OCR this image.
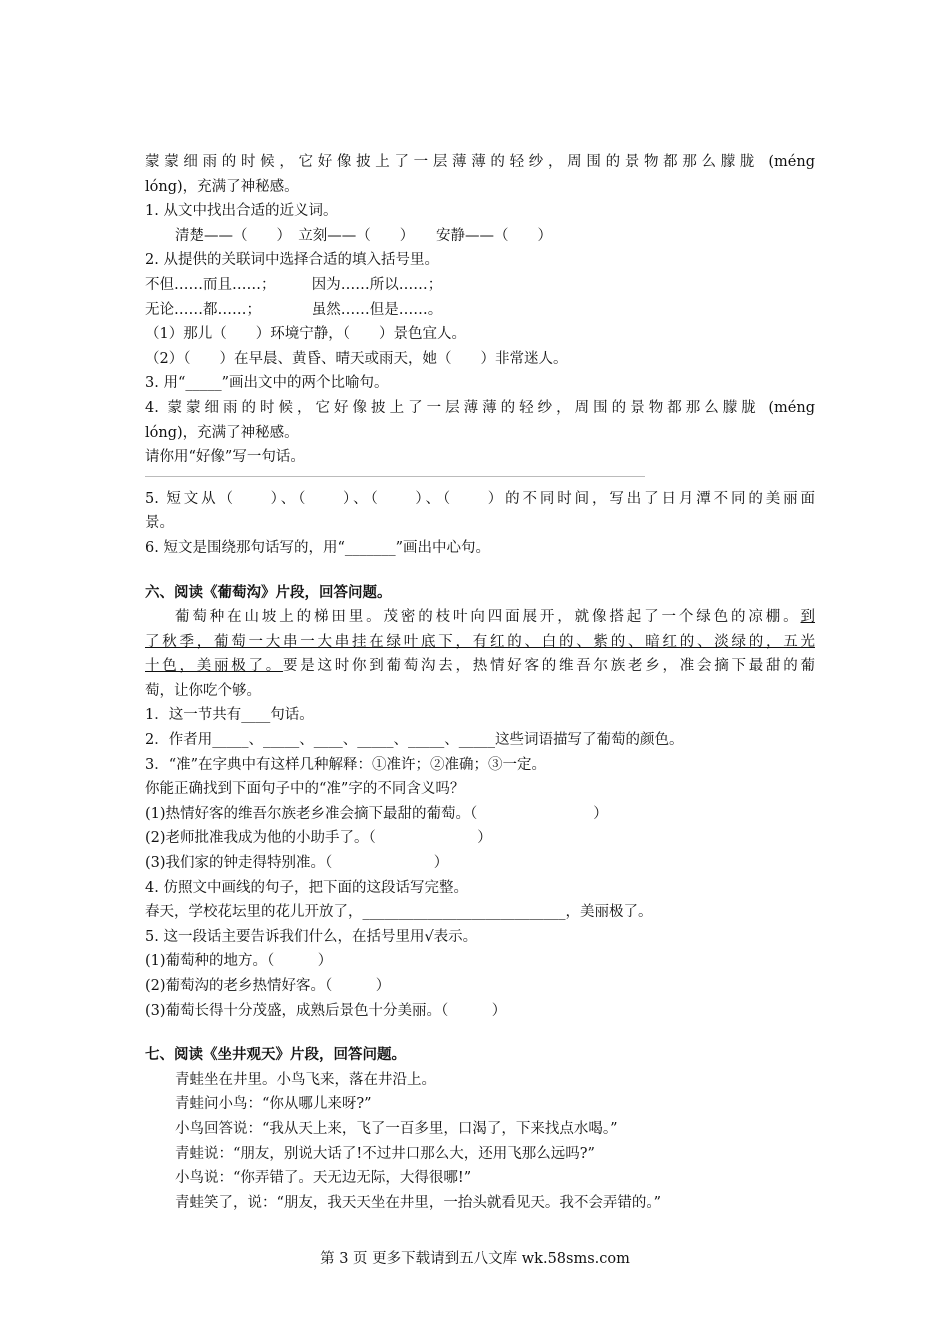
蒙蒙细雨的时候，它好像披上了一层薄薄的轻纱，周围的景物都那么朦胧 (méng
lóng)，充满了神秘感。
1. 从文中找出合适的近义词。
清楚——（　　）　立刻——（　　）　　安静——（　　）
2. 从提供的关联词中选择合适的填入括号里。
不但……而且……；　　　因为……所以……；
无论……都……；　　　　虽然……但是……。
（1）那儿（　　）环境宁静，（　　）景色宜人。
（2）（　　）在早晨、黄昏、晴天或雨天，她（　　）非常迷人。
3. 用“_____”画出文中的两个比喻句。
4. 蒙蒙细雨的时候，它好像披上了一层薄薄的轻纱，周围的景物都那么朦胧 (méng
lóng)，充满了神秘感。
请你用“好像”写一句话。
5. 短文从（　　）、（　　）、（　　）、（　　）的不同时间，写出了日月潭不同的美丽面
景。
6. 短文是围绕那句话写的，用“_______”画出中心句。
六、阅读《葡萄沟》片段，回答问题。
葡萄种在山坡上的梯田里。茂密的枝叶向四面展开，就像搭起了一个绿色的凉棚。到
了秋季，葡萄一大串一大串挂在绿叶底下，有红的、白的、紫的、暗红的、淡绿的，五光
十色，美丽极了。要是这时你到葡萄沟去，热情好客的维吾尔族老乡，准会摘下最甜的葡
萄，让你吃个够。
1．这一节共有____句话。
2．作者用_____、_____、____、_____、_____、_____这些词语描写了葡萄的颜色。
3．“准”在字典中有这样几种解释：①准许；②准确；③一定。
你能正确找到下面句子中的“准”字的不同含义吗？
(1)热情好客的维吾尔族老乡准会摘下最甜的葡萄。（　　　　　　　　）
(2)老师批准我成为他的小助手了。（　　　　　　　）
(3)我们家的钟走得特别准。（　　　　　　　）
4. 仿照文中画线的句子，把下面的这段话写完整。
春天，学校花坛里的花儿开放了，____________________________，美丽极了。
5. 这一段话主要告诉我们什么，在括号里用√表示。
(1)葡萄种的地方。（　　　）
(2)葡萄沟的老乡热情好客。（　　　）
(3)葡萄长得十分茂盛，成熟后景色十分美丽。（　　　）
七、阅读《坐井观天》片段，回答问题。
青蛙坐在井里。小鸟飞来，落在井沿上。
青蛙问小鸟：“你从哪儿来呀?”
小鸟回答说：“我从天上来，飞了一百多里，口渴了，下来找点水喝。”
青蛙说：“朋友，别说大话了!不过井口那么大，还用飞那么远吗?”
小鸟说：“你弄错了。天无边无际，大得很哪!”
青蛙笑了，说：“朋友，我天天坐在井里，一抬头就看见天。我不会弄错的。”
第 3 页 更多下载请到五八文库 wk.58sms.com
